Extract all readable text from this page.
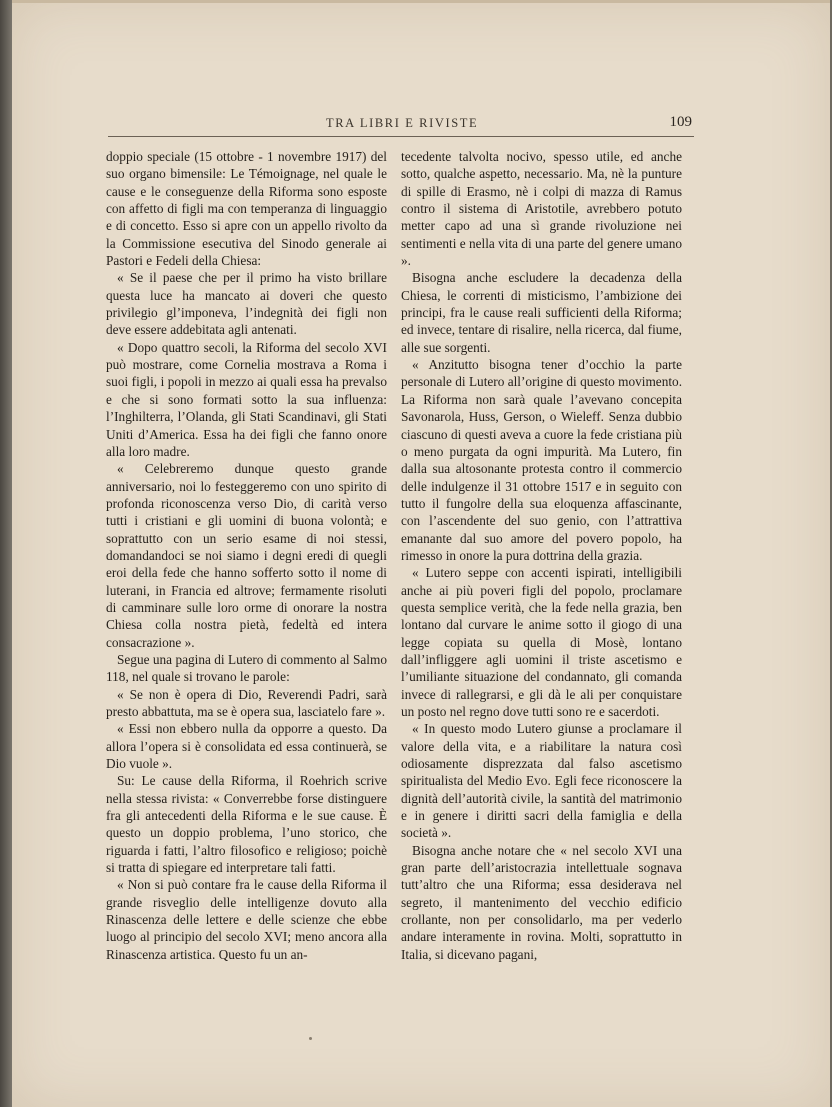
TRA LIBRI E RIVISTE	109

doppio speciale (15 ottobre - 1 novembre 1917) del suo organo bimensile: Le Témoignage, nel quale le cause e le conseguenze della Riforma sono esposte con affetto di figli ma con temperanza di linguaggio e di concetto. Esso si apre con un appello rivolto da la Commissione esecutiva del Sinodo generale ai Pastori e Fedeli della Chiesa:

« Se il paese che per il primo ha visto brillare questa luce ha mancato ai doveri che questo privilegio gl’imponeva, l’indegnità dei figli non deve essere addebitata agli antenati.

« Dopo quattro secoli, la Riforma del secolo XVI può mostrare, come Cornelia mostrava a Roma i suoi figli, i popoli in mezzo ai quali essa ha prevalso e che si sono formati sotto la sua influenza: l’Inghilterra, l’Olanda, gli Stati Scandinavi, gli Stati Uniti d’America. Essa ha dei figli che fanno onore alla loro madre.

« Celebreremo dunque questo grande anniversario, noi lo festeggeremo con uno spirito di profonda riconoscenza verso Dio, di carità verso tutti i cristiani e gli uomini di buona volontà; e soprattutto con un serio esame di noi stessi, domandandoci se noi siamo i degni eredi di quegli eroi della fede che hanno sofferto sotto il nome di luterani, in Francia ed altrove; fermamente risoluti di camminare sulle loro orme di onorare la nostra Chiesa colla nostra pietà, fedeltà ed intera consacrazione ».

Segue una pagina di Lutero di commento al Salmo 118, nel quale si trovano le parole:

« Se non è opera di Dio, Reverendi Padri, sarà presto abbattuta, ma se è opera sua, lasciatelo fare ».

« Essi non ebbero nulla da opporre a questo. Da allora l’opera si è consolidata ed essa continuerà, se Dio vuole ».

Su: Le cause della Riforma, il Roehrich scrive nella stessa rivista: « Converrebbe forse distinguere fra gli antecedenti della Riforma e le sue cause. È questo un doppio problema, l’uno storico, che riguarda i fatti, l’altro filosofico e religioso; poichè si tratta di spiegare ed interpretare tali fatti.

« Non si può contare fra le cause della Riforma il grande risveglio delle intelligenze dovuto alla Rinascenza delle lettere e delle scienze che ebbe luogo al principio del secolo XVI; meno ancora alla Rinascenza artistica. Questo fu un an-

tecedente talvolta nocivo, spesso utile, ed anche sotto, qualche aspetto, necessario. Ma, nè la punture di spille di Erasmo, nè i colpi di mazza di Ramus contro il sistema di Aristotile, avrebbero potuto metter capo ad una sì grande rivoluzione nei sentimenti e nella vita di una parte del genere umano ».

Bisogna anche escludere la decadenza della Chiesa, le correnti di misticismo, l’ambizione dei principi, fra le cause reali sufficienti della Riforma; ed invece, tentare di risalire, nella ricerca, dal fiume, alle sue sorgenti.

« Anzitutto bisogna tener d’occhio la parte personale di Lutero all’origine di questo movimento. La Riforma non sarà quale l’avevano concepita Savonarola, Huss, Gerson, o Wieleff. Senza dubbio ciascuno di questi aveva a cuore la fede cristiana più o meno purgata da ogni impurità. Ma Lutero, fin dalla sua altosonante protesta contro il commercio delle indulgenze il 31 ottobre 1517 e in seguito con tutto il fungolre della sua eloquenza affascinante, con l’ascendente del suo genio, con l’attrattiva emanante dal suo amore del povero popolo, ha rimesso in onore la pura dottrina della grazia.

« Lutero seppe con accenti ispirati, intelligibili anche ai più poveri figli del popolo, proclamare questa semplice verità, che la fede nella grazia, ben lontano dal curvare le anime sotto il giogo di una legge copiata su quella di Mosè, lontano dall’infliggere agli uomini il triste ascetismo e l’umiliante situazione del condannato, gli comanda invece di rallegrarsi, e gli dà le ali per conquistare un posto nel regno dove tutti sono re e sacerdoti.

« In questo modo Lutero giunse a proclamare il valore della vita, e a riabilitare la natura così odiosamente disprezzata dal falso ascetismo spiritualista del Medio Evo. Egli fece riconoscere la dignità dell’autorità civile, la santità del matrimonio e in genere i diritti sacri della famiglia e della società ».

Bisogna anche notare che « nel secolo XVI una gran parte dell’aristocrazia intellettuale sognava tutt’altro che una Riforma; essa desiderava nel segreto, il mantenimento del vecchio edificio crollante, non per consolidarlo, ma per vederlo andare interamente in rovina. Molti, soprattutto in Italia, si dicevano pagani,
